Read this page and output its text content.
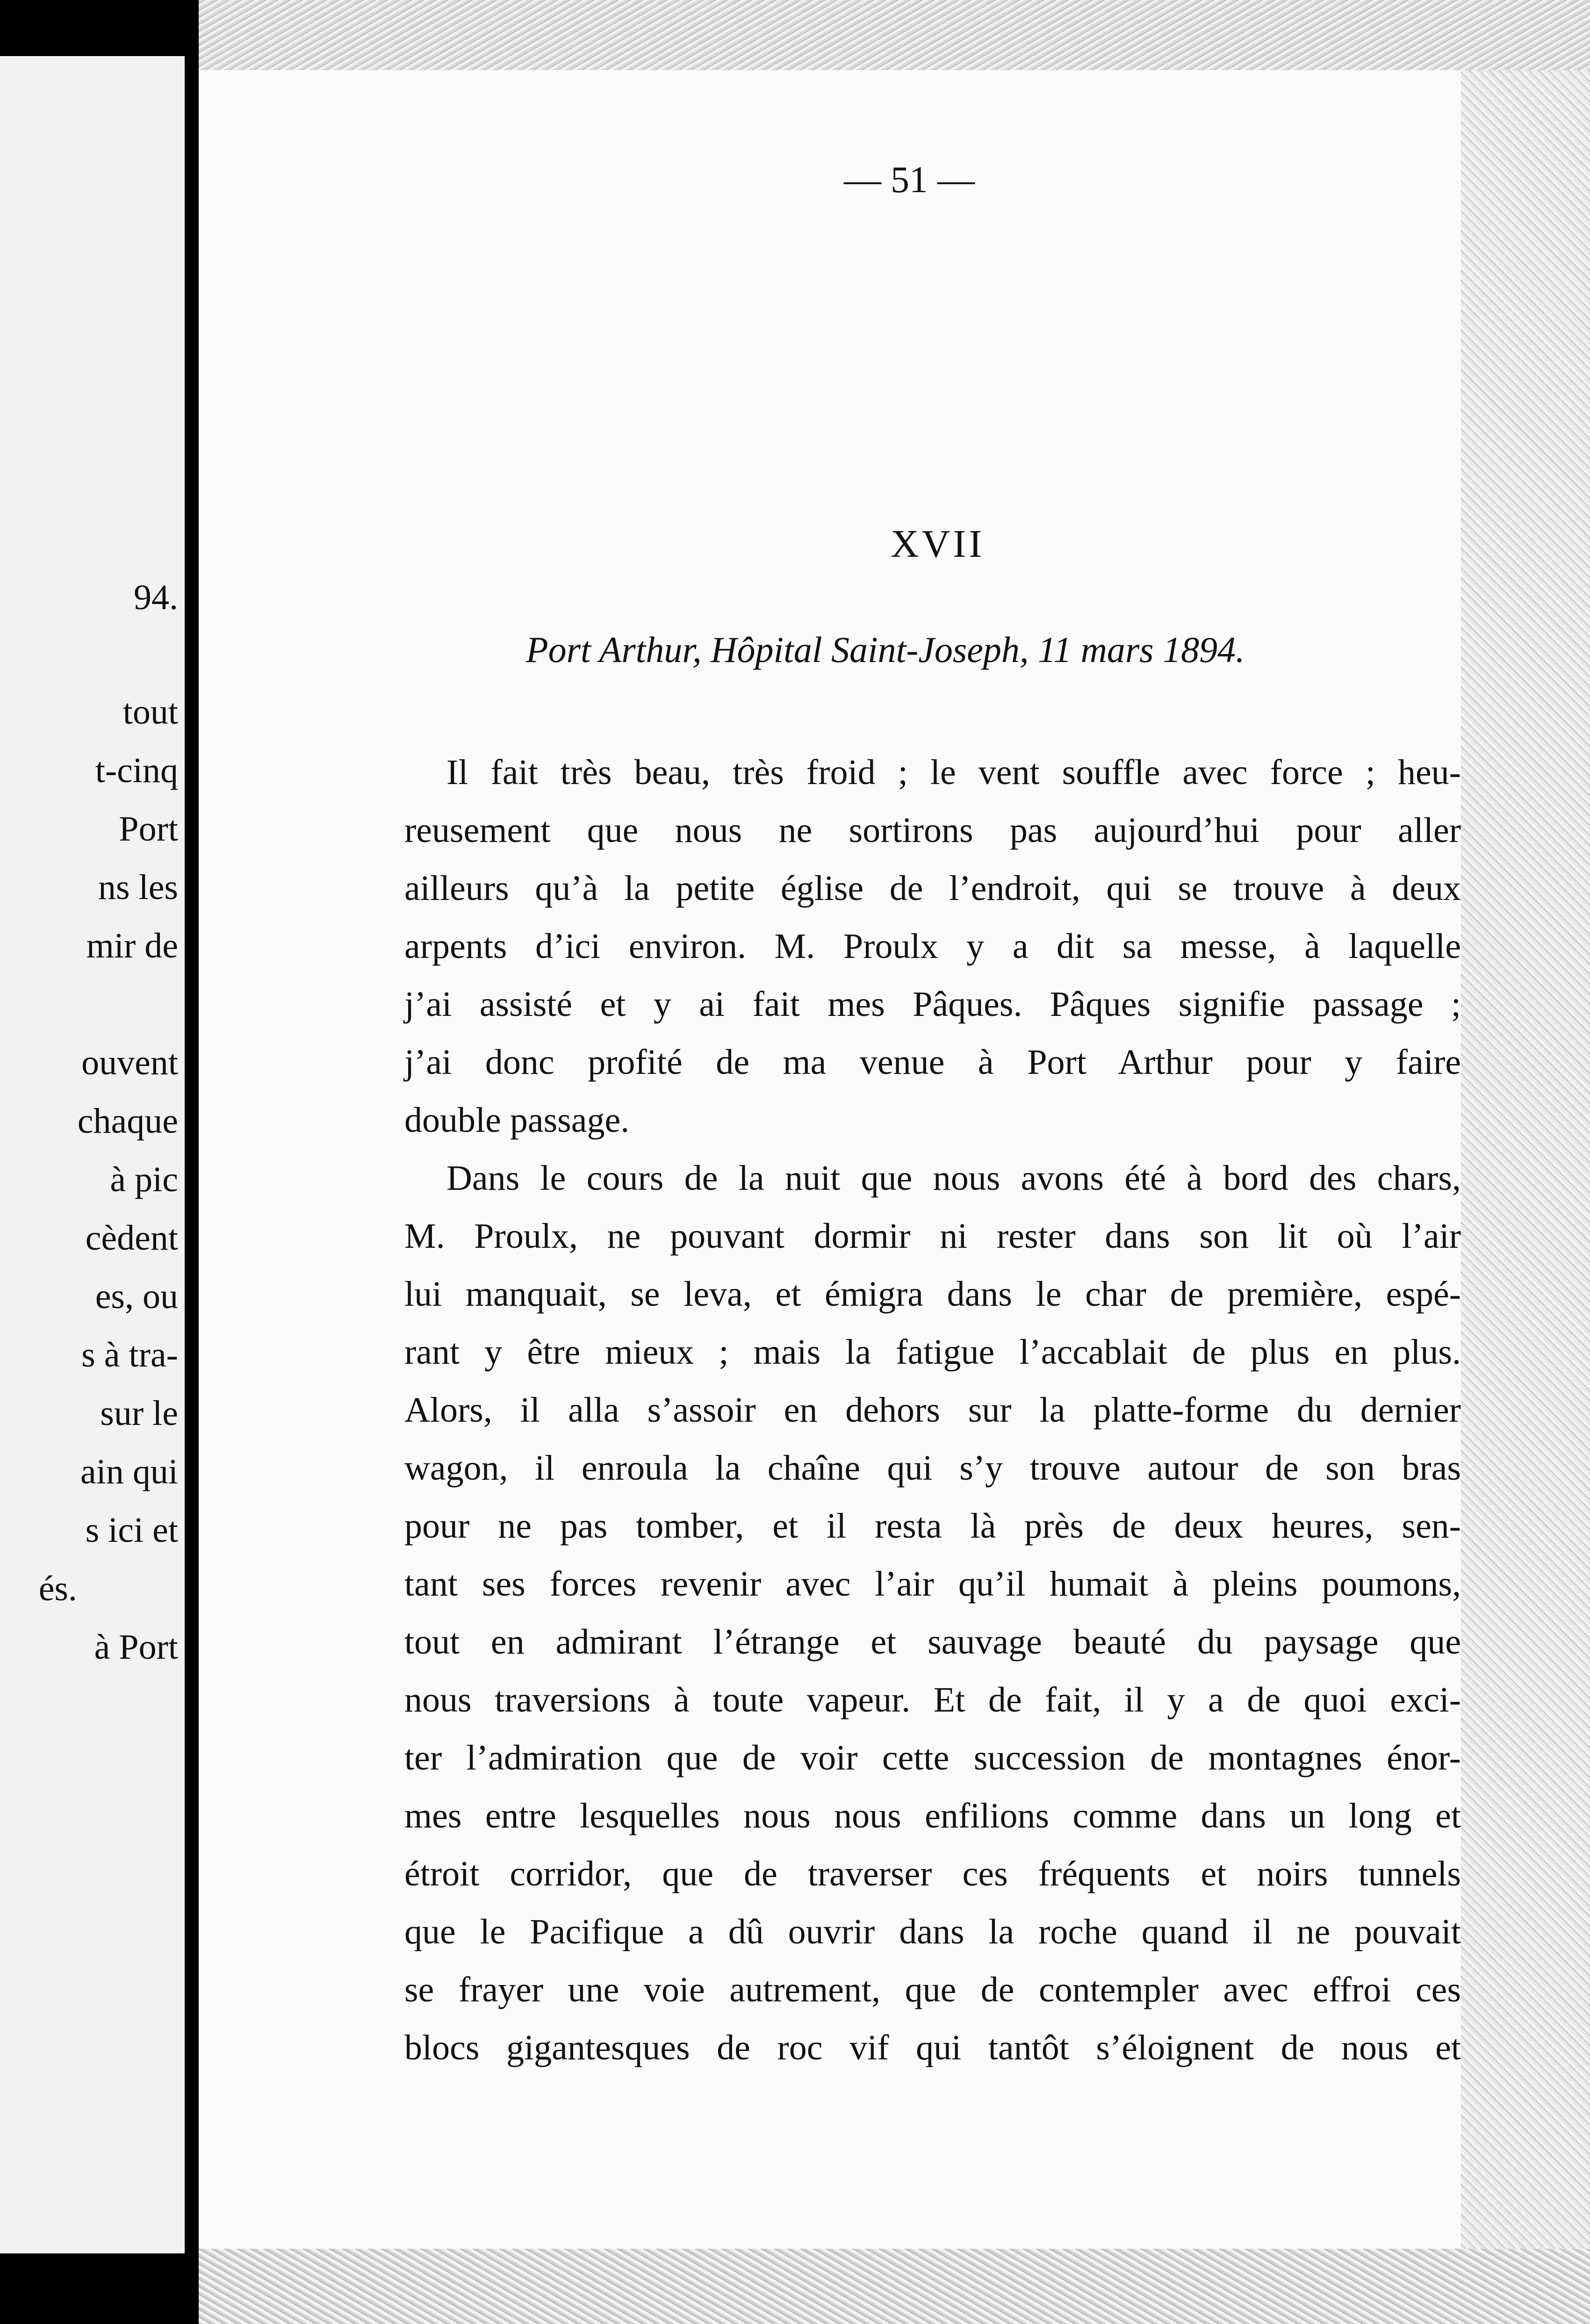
94.
tout
t-cinq
Port
ns les
mir de
ouvent
chaque
à pic
cèdent
es, ou
s à tra-
sur le
ain qui
s ici et
és.
à Port
— 51 —
XVII
Port Arthur, Hôpital Saint-Joseph, 11 mars 1894.
Il fait très beau, très froid ; le vent souffle avec force ; heu-
reusement que nous ne sortirons pas aujourd’hui pour aller
ailleurs qu’à la petite église de l’endroit, qui se trouve à deux
arpents d’ici environ. M. Proulx y a dit sa messe, à laquelle
j’ai assisté et y ai fait mes Pâques. Pâques signifie passage ;
j’ai donc profité de ma venue à Port Arthur pour y faire
double passage.
Dans le cours de la nuit que nous avons été à bord des chars,
M. Proulx, ne pouvant dormir ni rester dans son lit où l’air
lui manquait, se leva, et émigra dans le char de première, espé-
rant y être mieux ; mais la fatigue l’accablait de plus en plus.
Alors, il alla s’assoir en dehors sur la platte-forme du dernier
wagon, il enroula la chaîne qui s’y trouve autour de son bras
pour ne pas tomber, et il resta là près de deux heures, sen-
tant ses forces revenir avec l’air qu’il humait à pleins poumons,
tout en admirant l’étrange et sauvage beauté du paysage que
nous traversions à toute vapeur. Et de fait, il y a de quoi exci-
ter l’admiration que de voir cette succession de montagnes énor-
mes entre lesquelles nous nous enfilions comme dans un long et
étroit corridor, que de traverser ces fréquents et noirs tunnels
que le Pacifique a dû ouvrir dans la roche quand il ne pouvait
se frayer une voie autrement, que de contempler avec effroi ces
blocs gigantesques de roc vif qui tantôt s’éloignent de nous et
